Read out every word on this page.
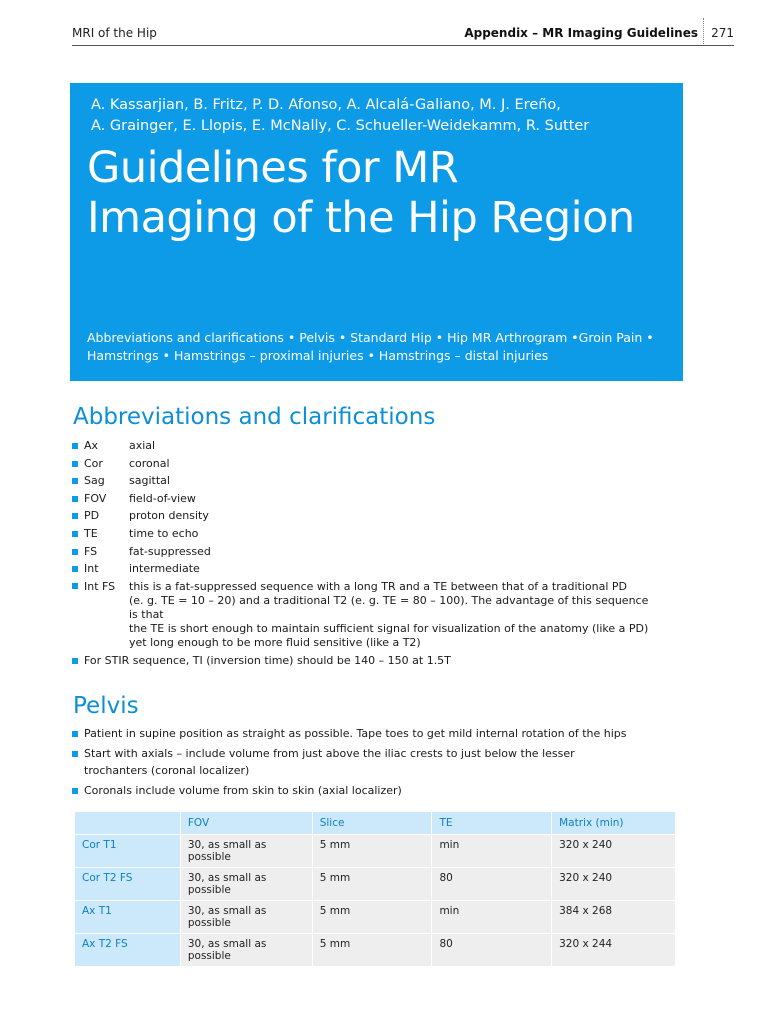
MRI of the Hip	Appendix – MR Imaging Guidelines 271
A. Kassarjian, B. Fritz, P. D. Afonso, A. Alcalá-Galiano, M. J. Ereño,
A. Grainger, E. Llopis, E. McNally, C. Schueller-Weidekamm, R. Sutter
Guidelines for MR
Imaging of the Hip Region
Abbreviations and clarifications • Pelvis • Standard Hip • Hip MR Arthrogram •Groin Pain •
Hamstrings • Hamstrings – proximal injuries • Hamstrings – distal injuries
Abbreviations and clarifications
Ax	axial
Cor coronal
Sag sagittal
FOV field-of-view
PD	proton density
TE	time to echo
FS	fat-suppressed
Int	intermediate
Int FS this is a fat-suppressed sequence with a long TR and a TE between that of a traditional PD
(e. g. TE = 10 – 20) and a traditional T2 (e. g. TE = 80 – 100). The advantage of this sequence is that
the TE is short enough to maintain sufficient signal for visualization of the anatomy (like a PD)
yet long enough to be more fluid sensitive (like a T2)
For STIR sequence, TI (inversion time) should be 140 – 150 at 1.5T
Pelvis
Patient in supine position as straight as possible. Tape toes to get mild internal rotation of the hips
Start with axials – include volume from just above the iliac crests to just below the lesser trochanters (coronal localizer)
Coronals include volume from skin to skin (axial localizer)
	FOV	Slice	TE	Matrix (min)
Cor T1	30, as small as possible	5 mm	min	320 x 240
Cor T2 FS	30, as small as possible	5 mm	80	320 x 240
Ax T1	30, as small as possible	5 mm	min	384 x 268
Ax T2 FS	30, as small as possible	5 mm	80	320 x 244
